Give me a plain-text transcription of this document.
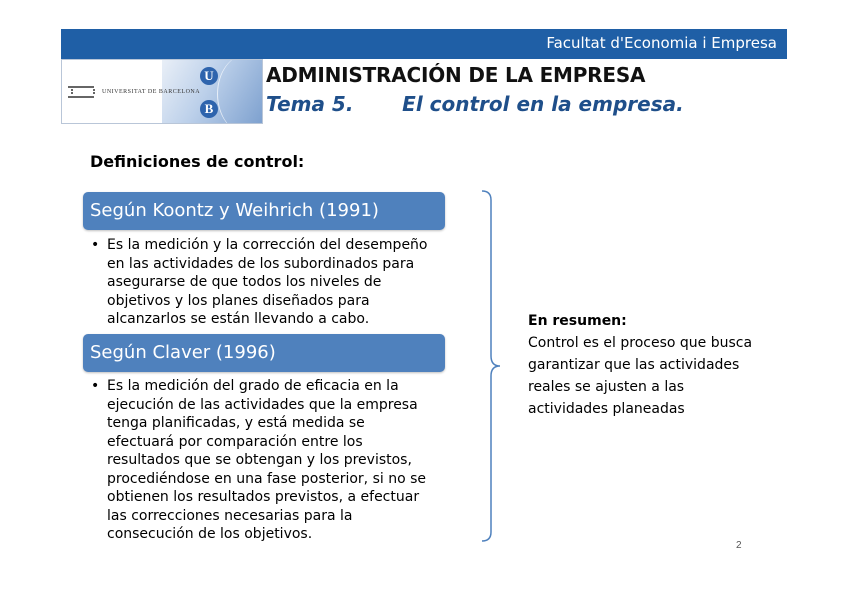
Facultat d'Economia i Empresa
UNIVERSITAT DE BARCELONA
U
B
ADMINISTRACIÓN DE LA EMPRESA
Tema 5.       El control en la empresa.
Definiciones de control:
Según Koontz y Weihrich (1991)
• Es la medición y la corrección del desempeño en las actividades de los subordinados para asegurarse de que todos los niveles de objetivos y los planes diseñados para alcanzarlos se están llevando a cabo.
Según Claver (1996)
• Es la medición del grado de eficacia en la ejecución de las actividades que la empresa tenga planificadas, y está medida se efectuará por comparación entre los resultados que se obtengan y los previstos, procediéndose en una fase posterior, si no se obtienen los resultados previstos, a efectuar las correcciones necesarias para la consecución de los objetivos.
En resumen:
Control es el proceso que busca garantizar que las actividades reales se ajusten a las actividades planeadas
2
